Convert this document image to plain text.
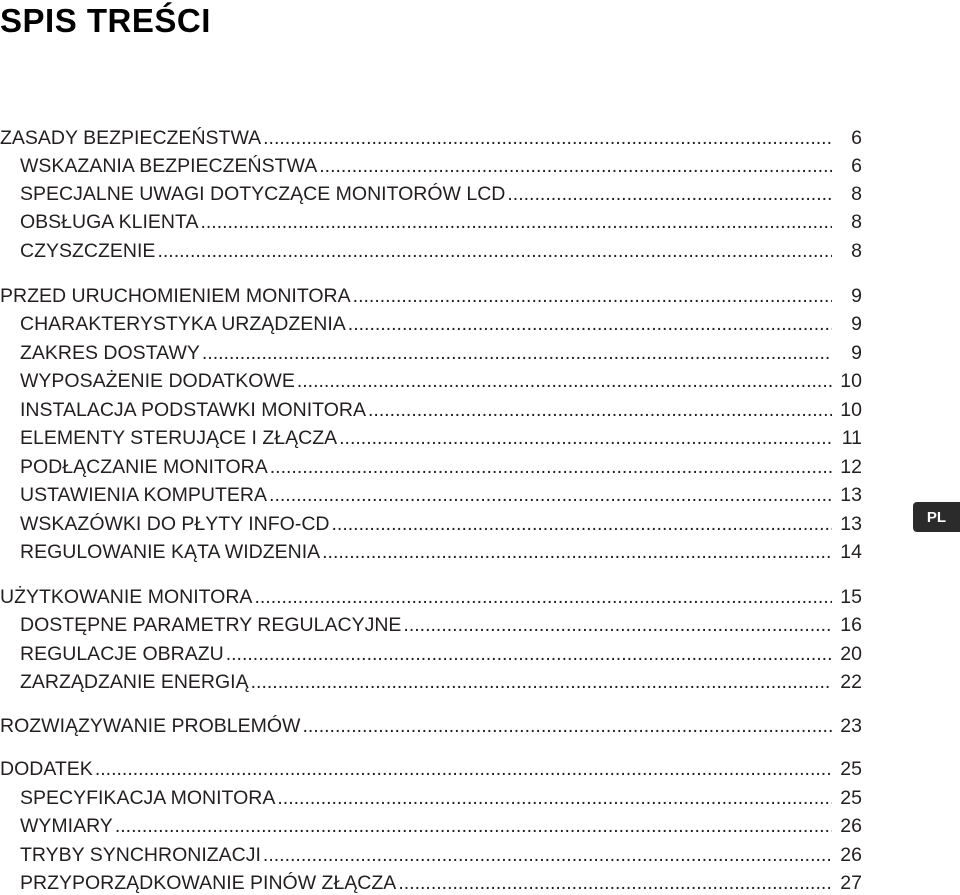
SPIS TREŚCI
ZASADY BEZPIECZEŃSTWA .....	6
WSKAZANIA BEZPIECZEŃSTWA .....	6
SPECJALNE UWAGI DOTYCZĄCE MONITORÓW LCD .....	8
OBSŁUGA KLIENTA .....	8
CZYSZCZENIE .....	8
PRZED URUCHOMIENIEM MONITORA .....	9
CHARAKTERYSTYKA URZĄDZENIA .....	9
ZAKRES DOSTAWY .....	9
WYPOSAŻENIE DODATKOWE .....	10
INSTALACJA PODSTAWKI MONITORA .....	10
ELEMENTY STERUJĄCE I ZŁĄCZA .....	11
PODŁĄCZANIE MONITORA .....	12
USTAWIENIA KOMPUTERA .....	13
WSKAZÓWKI DO PŁYTY INFO-CD .....	13
REGULOWANIE KĄTA WIDZENIA .....	14
UŻYTKOWANIE MONITORA .....	15
DOSTĘPNE PARAMETRY REGULACYJNE .....	16
REGULACJE OBRAZU .....	20
ZARZĄDZANIE ENERGIĄ .....	22
ROZWIĄZYWANIE PROBLEMÓW .....	23
DODATEK .....	25
SPECYFIKACJA MONITORA .....	25
WYMIARY .....	26
TRYBY SYNCHRONIZACJI .....	26
PRZYPORZĄDKOWANIE PINÓW ZŁĄCZA .....	27
PL
